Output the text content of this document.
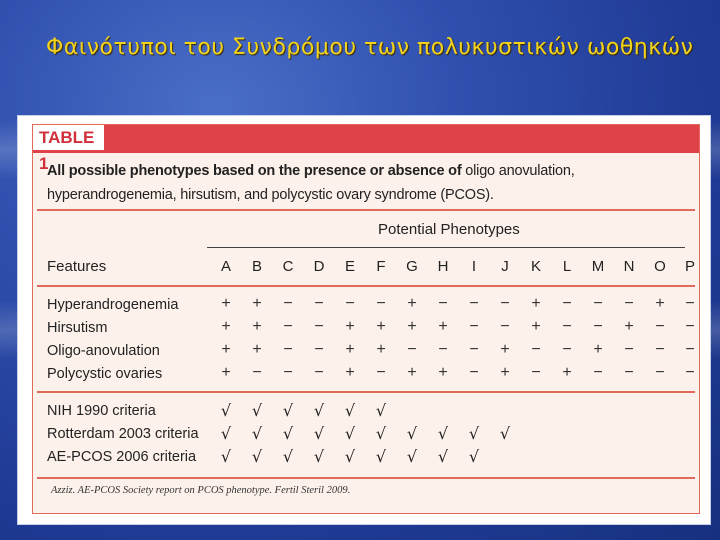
Φαινότυποι του Συνδρόμου των πολυκυστικών ωοθηκών
TABLE 1
All possible phenotypes based on the presence or absence of oligo anovulation, hyperandrogenemia, hirsutism, and polycystic ovary syndrome (PCOS).
Potential Phenotypes
Features	A	B	C	D	E	F	G	H	I	J	K	L	M	N	O	P
Hyperandrogenemia	+	+	−	−	−	−	+	−	−	−	+	−	−	−	+	−
Hirsutism	+	+	−	−	+	+	+	+	−	−	+	−	−	+	−	−
Oligo-anovulation	+	+	−	−	+	+	−	−	−	+	−	−	+	−	−	−
Polycystic ovaries	+	−	−	−	+	−	+	+	−	+	−	+	−	−	−	−
NIH 1990 criteria	√	√	√	√	√	√
Rotterdam 2003 criteria	√	√	√	√	√	√	√	√	√	√
AE-PCOS 2006 criteria	√	√	√	√	√	√	√	√	√
Azziz. AE-PCOS Society report on PCOS phenotype. Fertil Steril 2009.
